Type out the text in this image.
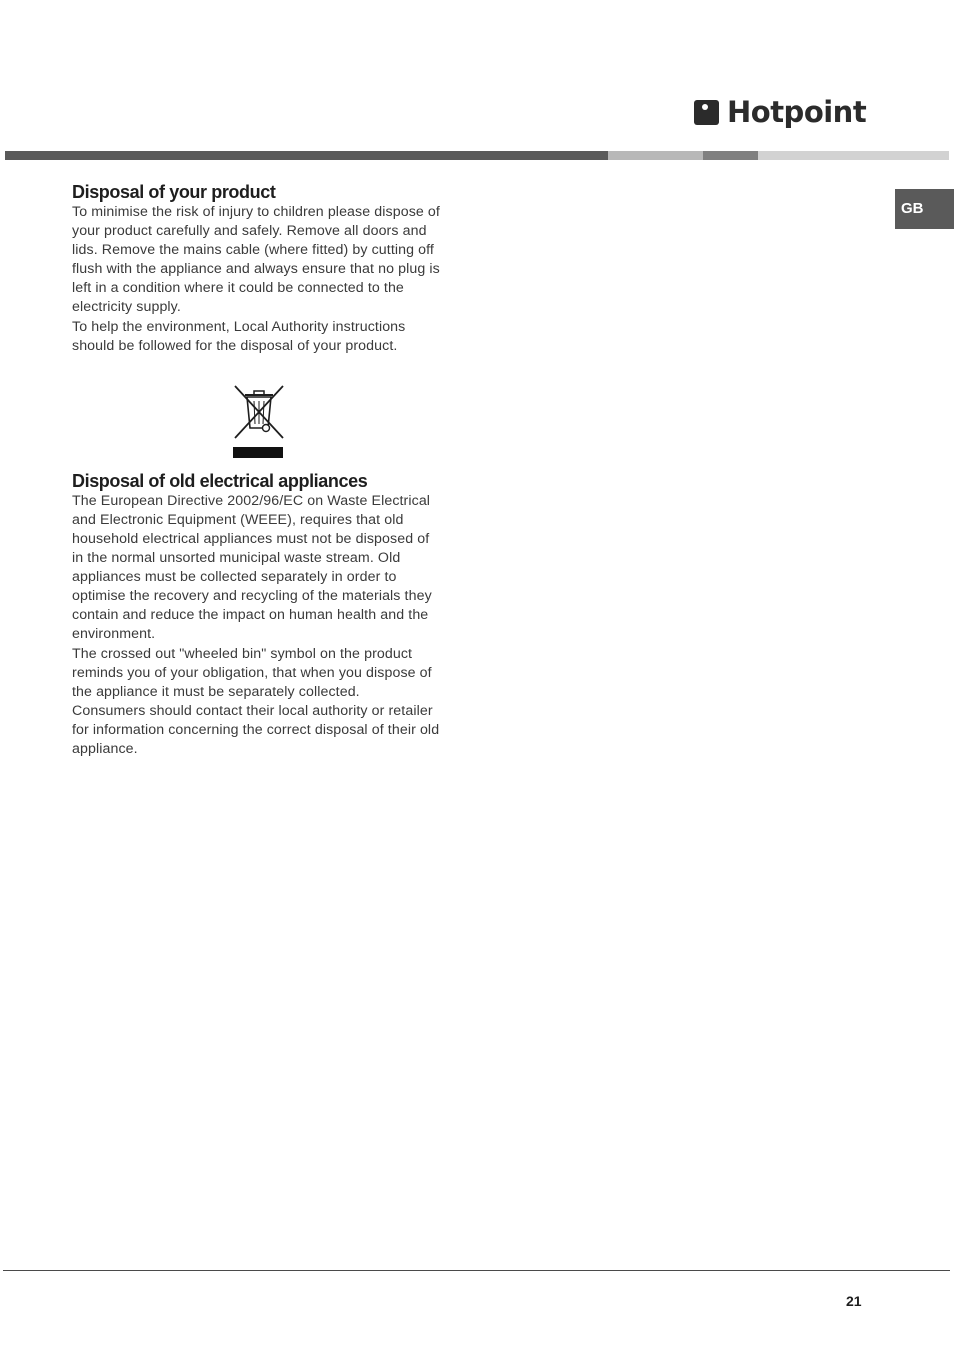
Hotpoint
GB
Disposal of your product

To minimise the risk of injury to children please dispose of your product carefully and safely. Remove all doors and lids. Remove the mains cable (where fitted) by cutting off flush with the appliance and always ensure that no plug is left in a condition where it could be connected to the electricity supply.

To help the environment, Local Authority instructions should be followed for the disposal of your product.

Disposal of old electrical appliances

The European Directive 2002/96/EC on Waste Electrical and Electronic Equipment (WEEE), requires that old household electrical appliances must not be disposed of in the normal unsorted municipal waste stream. Old appliances must be collected separately in order to optimise the recovery and recycling of the materials they contain and reduce the impact on human health and the environment.

The crossed out "wheeled bin" symbol on the product reminds you of your obligation, that when you dispose of the appliance it must be separately collected.

Consumers should contact their local authority or retailer for information concerning the correct disposal of their old appliance.

21
